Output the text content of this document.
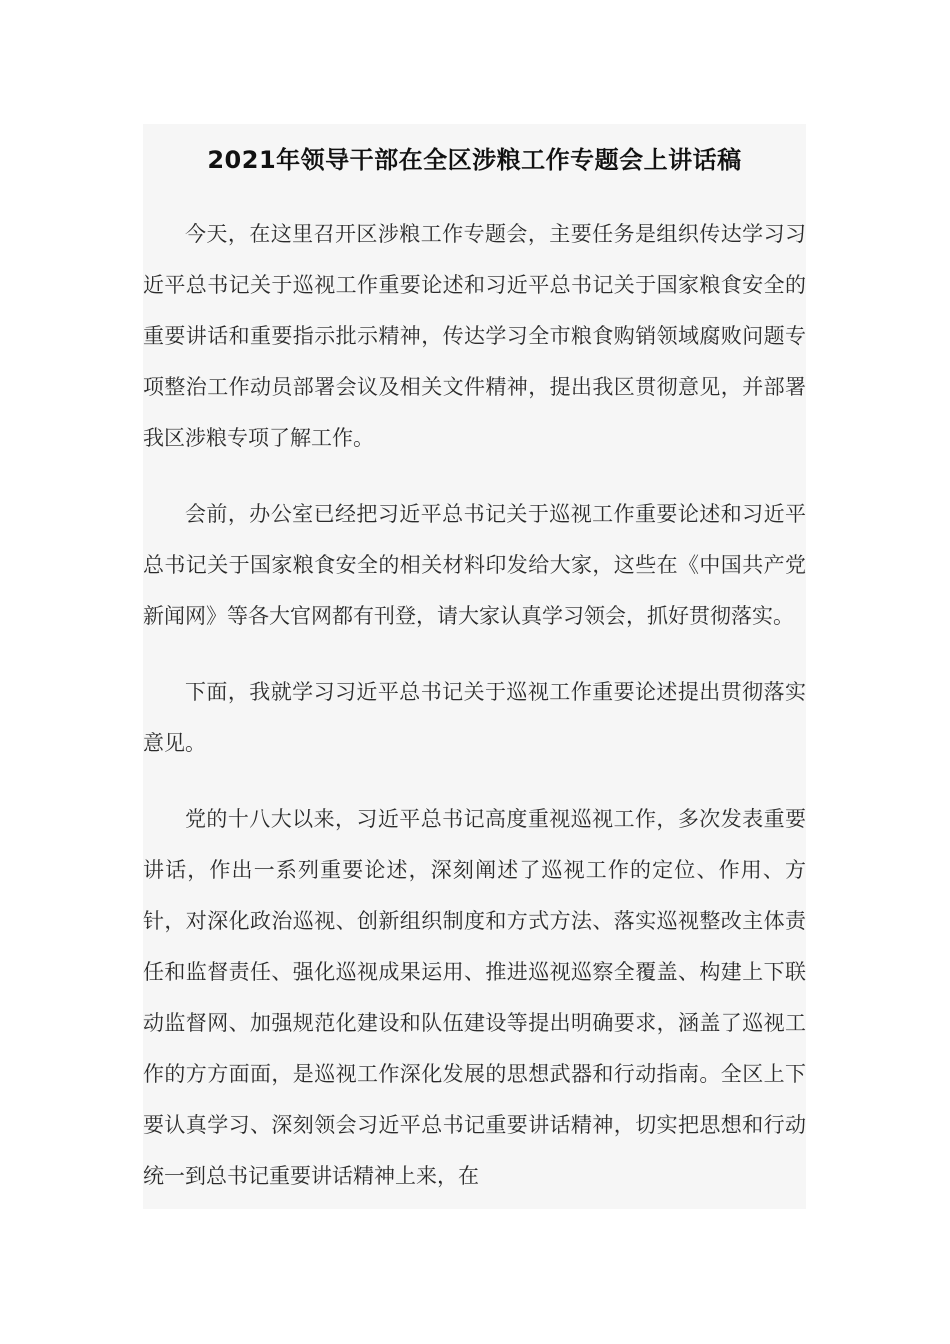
2021年领导干部在全区涉粮工作专题会上讲话稿

今天，在这里召开区涉粮工作专题会，主要任务是组织传达学习习近平总书记关于巡视工作重要论述和习近平总书记关于国家粮食安全的重要讲话和重要指示批示精神，传达学习全市粮食购销领域腐败问题专项整治工作动员部署会议及相关文件精神，提出我区贯彻意见，并部署我区涉粮专项了解工作。

会前，办公室已经把习近平总书记关于巡视工作重要论述和习近平总书记关于国家粮食安全的相关材料印发给大家，这些在《中国共产党新闻网》等各大官网都有刊登，请大家认真学习领会，抓好贯彻落实。

下面，我就学习习近平总书记关于巡视工作重要论述提出贯彻落实意见。

党的十八大以来，习近平总书记高度重视巡视工作，多次发表重要讲话，作出一系列重要论述，深刻阐述了巡视工作的定位、作用、方针，对深化政治巡视、创新组织制度和方式方法、落实巡视整改主体责任和监督责任、强化巡视成果运用、推进巡视巡察全覆盖、构建上下联动监督网、加强规范化建设和队伍建设等提出明确要求，涵盖了巡视工作的方方面面，是巡视工作深化发展的思想武器和行动指南。全区上下要认真学习、深刻领会习近平总书记重要讲话精神，切实把思想和行动统一到总书记重要讲话精神上来，在
